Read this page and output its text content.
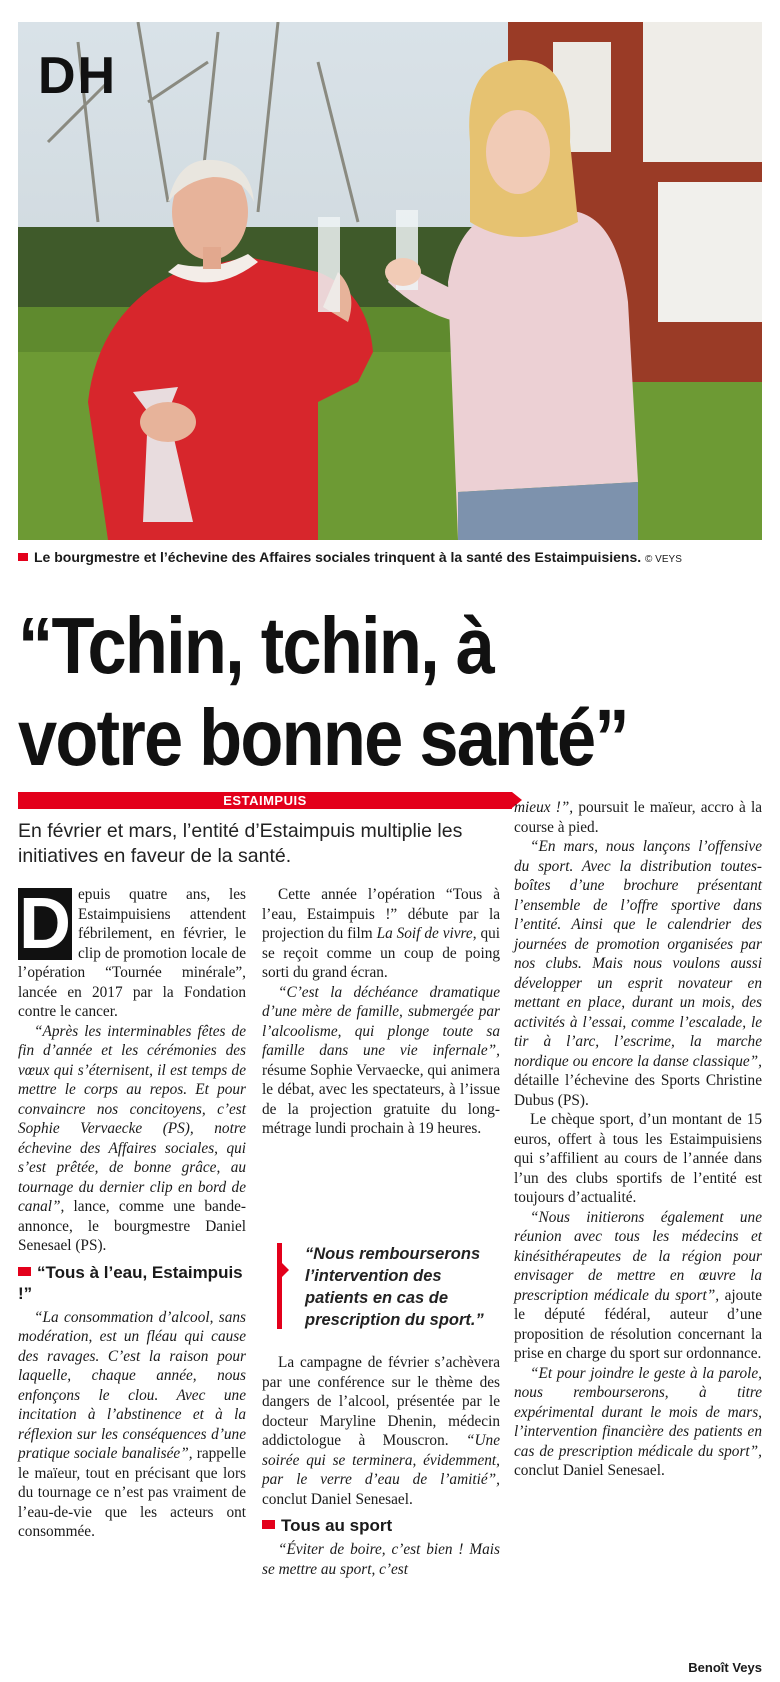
DH
Le bourgmestre et l’échevine des Affaires sociales trinquent à la santé des Estaimpuisiens. © VEYS
“Tchin, tchin, à
votre bonne santé”
ESTAIMPUIS
En février et mars, l’entité d’Estaimpuis multiplie les initiatives en faveur de la santé.

D epuis quatre ans, les Estaimpuisiens attendent fébrilement, en février, le clip de promotion locale de l’opération “Tournée minérale”, lancée en 2017 par la Fondation contre le cancer.

“Après les interminables fêtes de fin d’année et les cérémonies des vœux qui s’éternisent, il est temps de mettre le corps au repos. Et pour convaincre nos concitoyens, c’est Sophie Vervaecke (PS), notre échevine des Affaires sociales, qui s’est prêtée, de bonne grâce, au tournage du dernier clip en bord de canal”, lance, comme une bande-annonce, le bourgmestre Daniel Senesael (PS).

“Tous à l’eau, Estaimpuis !”

“La consommation d’alcool, sans modération, est un fléau qui cause des ravages. C’est la raison pour laquelle, chaque année, nous enfonçons le clou. Avec une incitation à l’abstinence et à la réflexion sur les conséquences d’une pratique sociale banalisée”, rappelle le maïeur, tout en précisant que lors du tournage ce n’est pas vraiment de l’eau-de-vie que les acteurs ont consommée.

Cette année l’opération “Tous à l’eau, Estaimpuis !” débute par la projection du film La Soif de vivre, qui se reçoit comme un coup de poing sorti du grand écran.

“C’est la déchéance dramatique d’une mère de famille, submergée par l’alcoolisme, qui plonge toute sa famille dans une vie infernale”, résume Sophie Vervaecke, qui animera le débat, avec les spectateurs, à l’issue de la projection gratuite du long-métrage lundi prochain à 19 heures.

“Nous rembourserons l’intervention des patients en cas de prescription du sport.”

La campagne de février s’achèvera par une conférence sur le thème des dangers de l’alcool, présentée par le docteur Maryline Dhenin, médecin addictologue à Mouscron. “Une soirée qui se terminera, évidemment, par le verre d’eau de l’amitié”, conclut Daniel Senesael.

Tous au sport

“Éviter de boire, c’est bien ! Mais se mettre au sport, c’est

mieux !”, poursuit le maïeur, accro à la course à pied.

“En mars, nous lançons l’offensive du sport. Avec la distribution toutes-boîtes d’une brochure présentant l’ensemble de l’offre sportive dans l’entité. Ainsi que le calendrier des journées de promotion organisées par nos clubs. Mais nous voulons aussi développer un esprit novateur en mettant en place, durant un mois, des activités à l’essai, comme l’escalade, le tir à l’arc, l’escrime, la marche nordique ou encore la danse classique”, détaille l’échevine des Sports Christine Dubus (PS).

Le chèque sport, d’un montant de 15 euros, offert à tous les Estaimpuisiens qui s’affilient au cours de l’année dans l’un des clubs sportifs de l’entité est toujours d’actualité.

“Nous initierons également une réunion avec tous les médecins et kinésithérapeutes de la région pour envisager de mettre en œuvre la prescription médicale du sport”, ajoute le député fédéral, auteur d’une proposition de résolution concernant la prise en charge du sport sur ordonnance.

“Et pour joindre le geste à la parole, nous rembourserons, à titre expérimental durant le mois de mars, l’intervention financière des patients en cas de prescription médicale du sport”, conclut Daniel Senesael.

Benoît Veys
